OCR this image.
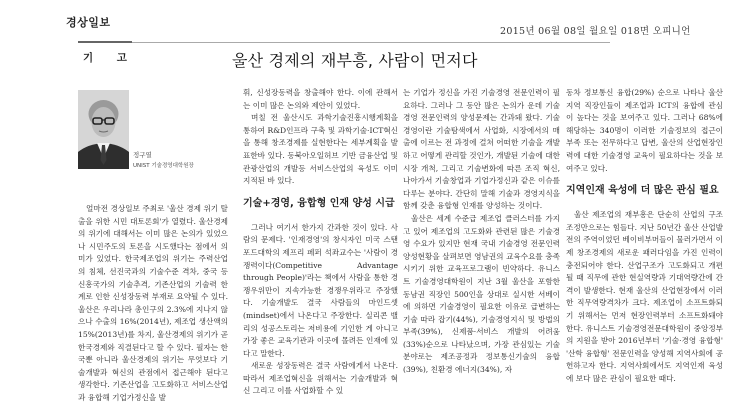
경상일보
2015년 06월 08일 월요일 018면 오피니언
기 고	울산 경제의 재부흥, 사람이 먼저다
정구열
UNIST 기술경영대학원장

얼마전 경상일보 주최로 '울산 경제 위기 탈출을 위한 시민 대토론회'가 열렸다. 울산경제의 위기에 대해서는 이미 많은 논의가 있었으나 시민주도의 토론을 시도했다는 점에서 의미가 있었다. 한국제조업의 위기는 주력산업의 침체, 선진국과의 기술수준 격차, 중국 등 신흥국가의 기술추격, 기존산업의 기술력 한계로 인한 신성장동력 부재로 요약될 수 있다. 울산은 우리나라 총인구의 2.3%에 지나지 않으나 수출의 16%(2014년), 제조업 생산액의 15%(2013년)를 차지, 울산경제의 위기가 곧 한국경제와 직결된다고 할 수 있다. 필자는 한국뿐 아니라 울산경제의 위기는 무엇보다 기술개발과 혁신의 관점에서 접근해야 된다고 생각한다. 기존산업을 고도화하고 서비스산업과 융합해 기업가정신을 발

휘, 신성장동력을 창출해야 한다. 이에 관해서는 이미 많은 논의와 제안이 있었다.

며칠 전 울산시도 과학기술진흥시행계획을 통하여 R&D인프라 구축 및 과학기술·ICT혁신을 통해 창조경제를 실현한다는 세부계획을 발표한바 있다. 동북아오일허브 기반 금융산업 및 관광산업의 개발등 서비스산업의 육성도 이미 지적된 바 있다.

기술+경영, 융합형 인재 양성 시급

그러나 여기서 한가지 간과한 것이 있다. 사람의 문제다. '인재경영'의 창시자인 미국 스탠포드대학의 제프리 페퍼 석좌교수는 '사람이 경쟁력이다(Competitive Advantage through People)'라는 책에서 사람을 통한 경쟁우위만이 지속가능한 경쟁우위라고 주장했다. 기술개발도 결국 사람들의 마인드셋(mindset)에서 나온다고 주장한다. 실리콘 밸리의 성공스토리는 저비용에 기인한 게 아니고 가장 좋은 교육기관과 이곳에 몰려든 인재에 있다고 말한다.

새로운 성장동력은 결국 사람에게서 나온다. 따라서 제조업혁신을 위해서는 기술개발과 혁신 그리고 이를 사업화할 수 있

는 기업가 정신을 가진 기술경영 전문인력이 필요하다. 그러나 그 동안 많은 논의가 운데 기술경영 전문인력의 양성문제는 간과돼 왔다. 기술경영이란 기술탐색에서 사업화, 시장에서의 매출에 이르는 전 과정에 걸쳐 어떠한 기술을 개발하고 어떻게 관리할 것인가, 개발된 기술에 대한 시장 개척, 그리고 기술변화에 따른 조직 혁신, 나아가서 기술창업과 기업가정신과 같은 이슈를 다루는 분야다. 간단히 말해 기술과 경영지식을 함께 갖춘 융합형 인재를 양성하는 것이다.

울산은 세계 수준급 제조업 클러스터를 가지고 있어 제조업의 고도화와 관련된 많은 기술경영 수요가 있지만 현재 국내 기술경영 전문인력 양성현황을 살펴보면 영남권의 교육수요를 충족시키기 위한 교육프로그램이 빈약하다. 유니스트 기술경영대학원이 지난 3월 울산을 포함한 동남권 직장인 500인을 상대로 실시한 서베이에 의하면 기술경영이 필요한 이유로 급변하는 기술 따라 잡기(44%), 기술경영지식 및 방법의 부족(39%), 신제품·서비스 개발의 어려움(33%)순으로 나타났으며, 가장 관심있는 기술분야로는 제조공정과 정보통신기술의 융합(39%), 친환경 에너지(34%), 자

동차 정보통신 융합(29%) 순으로 나타나 울산지역 직장인들이 제조업과 ICT의 융합에 관심이 높다는 것을 보여주고 있다. 그러나 68%에 해당하는 340명이 이러한 기술정보의 접근이 부족 또는 전무하다고 답변, 울산의 산업현장인력에 대한 기술경영 교육이 필요하다는 것을 보여주고 있다.

지역인재 육성에 더 많은 관심 필요

울산 제조업의 재부흥은 단순히 산업의 구조조정만으로는 힘들다. 지난 50년간 울산 산업발전의 주역이었던 베이비부머들이 물러가면서 이제 창조경제의 새로운 패러다임을 가진 인력이 충전되어야 한다. 산업구조가 고도화되고 개편될 때 직무에 관한 현실역량과 기대역량간에 간격이 발생한다. 현재 울산의 산업현장에서 이러한 직무역량격차가 크다. 제조업이 소프트화되기 위해서는 먼저 현장인력부터 소프트화돼야 한다. 유니스트 기술경영전문대학원이 중앙정부의 지원을 받아 2016년부터 '기술·경영 융합형' '산학 융합형' 전문인력을 양성해 지역사회에 공헌하고자 한다. 지역사회에서도 지역인재 육성에 보다 많은 관심이 필요한 때다.
